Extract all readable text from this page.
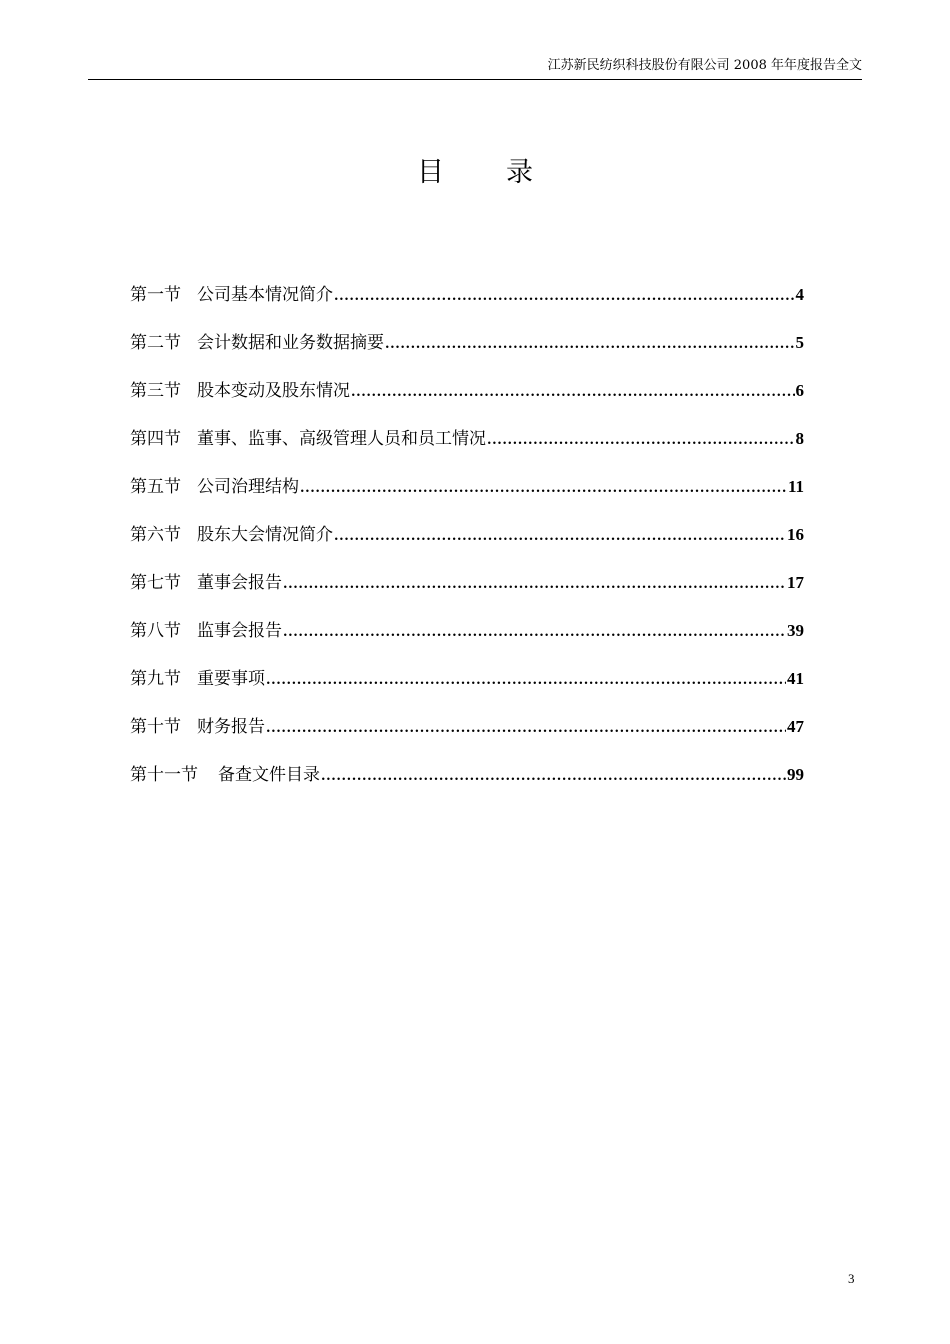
江苏新民纺织科技股份有限公司 2008 年年度报告全文
目录
第一节 公司基本情况简介 .....	4
第二节 会计数据和业务数据摘要 .....	5
第三节 股本变动及股东情况 .....	6
第四节 董事、监事、高级管理人员和员工情况 .....	8
第五节 公司治理结构 .....	11
第六节 股东大会情况简介 .....	16
第七节 董事会报告 .....	17
第八节 监事会报告 .....	39
第九节 重要事项 .....	41
第十节 财务报告 .....	47
第十一节	备查文件目录 .....	99
3
